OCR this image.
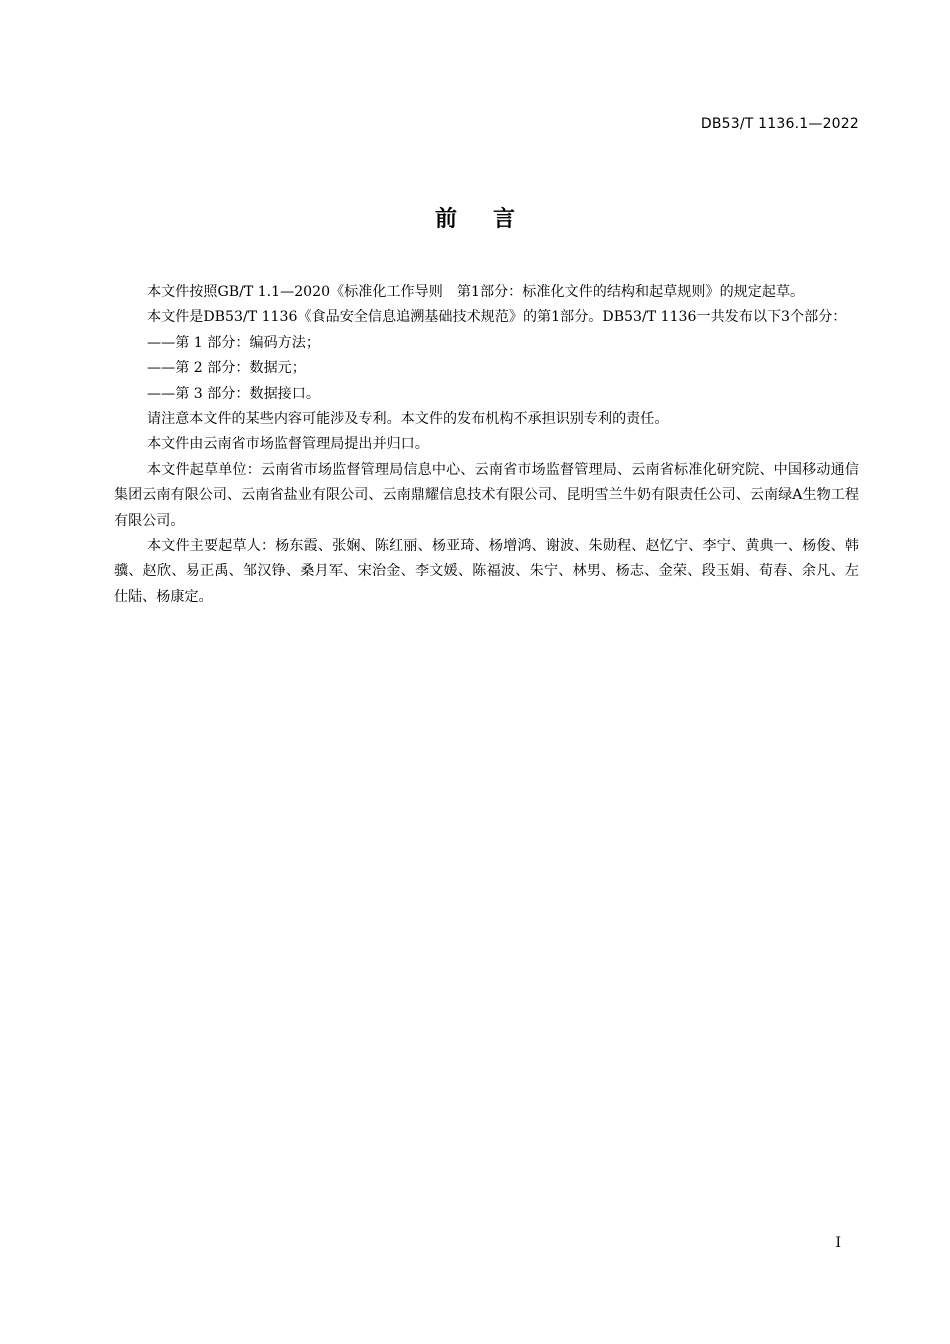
DB53/T 1136.1—2022
前言

本文件按照GB/T 1.1—2020《标准化工作导则　第1部分：标准化文件的结构和起草规则》的规定起草。

本文件是DB53/T 1136《食品安全信息追溯基础技术规范》的第1部分。DB53/T 1136一共发布以下3个部分：

——第 1 部分：编码方法；

——第 2 部分：数据元；

——第 3 部分：数据接口。

请注意本文件的某些内容可能涉及专利。本文件的发布机构不承担识别专利的责任。

本文件由云南省市场监督管理局提出并归口。

本文件起草单位：云南省市场监督管理局信息中心、云南省市场监督管理局、云南省标准化研究院、中国移动通信集团云南有限公司、云南省盐业有限公司、云南鼎耀信息技术有限公司、昆明雪兰牛奶有限责任公司、云南绿A生物工程有限公司。

本文件主要起草人：杨东霞、张娴、陈红丽、杨亚琦、杨增鸿、谢波、朱勋程、赵忆宁、李宁、黄典一、杨俊、韩骥、赵欣、易正禹、邹汉铮、桑月军、宋治金、李文媛、陈福波、朱宁、林男、杨志、金荣、段玉娟、荀春、余凡、左仕陆、杨康定。

I
